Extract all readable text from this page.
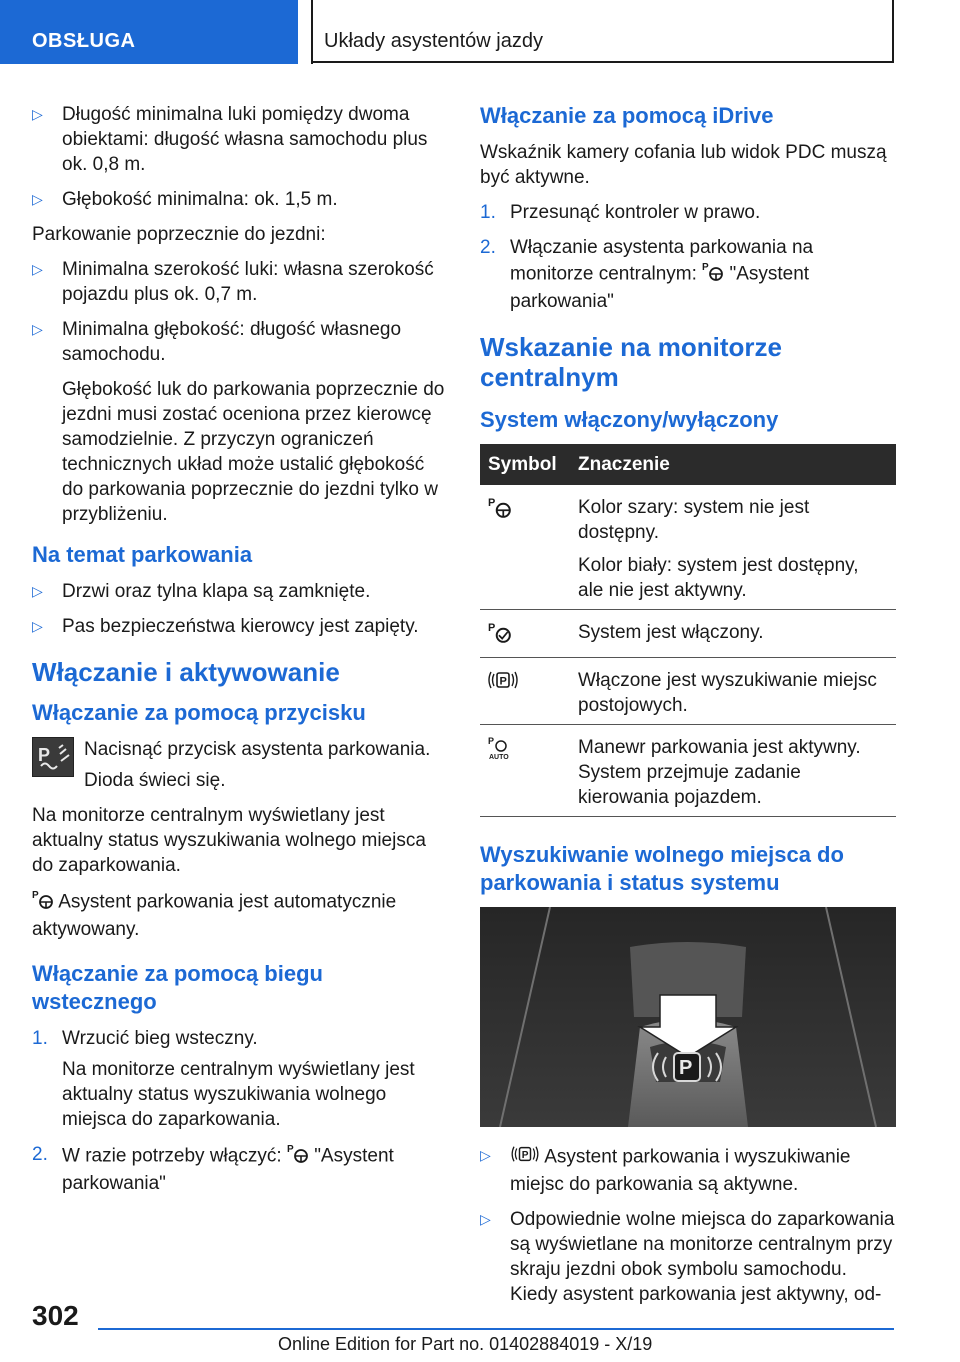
OBSŁUGA	Układy asystentów jazdy
▷ Długość minimalna luki pomiędzy dwoma obiektami: długość własna samochodu plus ok. 0,8 m.
▷ Głębokość minimalna: ok. 1,5 m.

Parkowanie poprzecznie do jezdni:

▷ Minimalna szerokość luki: własna szerokość pojazdu plus ok. 0,7 m.
▷ Minimalna głębokość: długość własnego samochodu.

Głębokość luk do parkowania poprzecznie do jezdni musi zostać oceniona przez kierowcę samodzielnie. Z przyczyn ograniczeń technicznych układ może ustalić głębokość do parkowania poprzecznie do jezdni tylko w przybliżeniu.

Na temat parkowania
▷ Drzwi oraz tylna klapa są zamknięte.
▷ Pas bezpieczeństwa kierowcy jest zapięty.
Włączanie i aktywowanie
Włączanie za pomocą przycisku
P Nacisnąć przycisk asystenta parkowania.

Dioda świeci się.

Na monitorze centralnym wyświetlany jest aktualny status wyszukiwania wolnego miejsca do zaparkowania.

P Asystent parkowania jest automatycznie aktywowany.

Włączanie za pomocą biegu wstecznego
1. Wrzucić bieg wsteczny.

Na monitorze centralnym wyświetlany jest aktualny status wyszukiwania wolnego miejsca do zaparkowania.

2. W razie potrzeby włączyć: P "Asystent parkowania"
Włączanie za pomocą iDrive

Wskaźnik kamery cofania lub widok PDC muszą być aktywne.

1. Przesunąć kontroler w prawo.
2. Włączanie asystenta parkowania na monitorze centralnym: P "Asystent parkowania"
Wskazanie na monitorze centralnym
System włączony/wyłączony
Symbol	Znaczenie

P	Kolor szary: system nie jest dostępny.

Kolor biały: system jest dostępny, ale nie jest aktywny.

P	System jest włączony.

P	Włączone jest wyszukiwanie miejsc postojowych.

P
AUTO	Manewr parkowania jest aktywny. System przejmuje zadanie kierowania pojazdem.
Wyszukiwanie wolnego miejsca do parkowania i status systemu
P
▷	P Asystent parkowania i wyszukiwanie miejsc do parkowania są aktywne.
▷ Odpowiednie wolne miejsca do zaparkowania są wyświetlane na monitorze centralnym przy skraju jezdni obok symbolu samochodu. Kiedy asystent parkowania jest aktywny, od-
302
Online Edition for Part no. 01402884019 - X/19
